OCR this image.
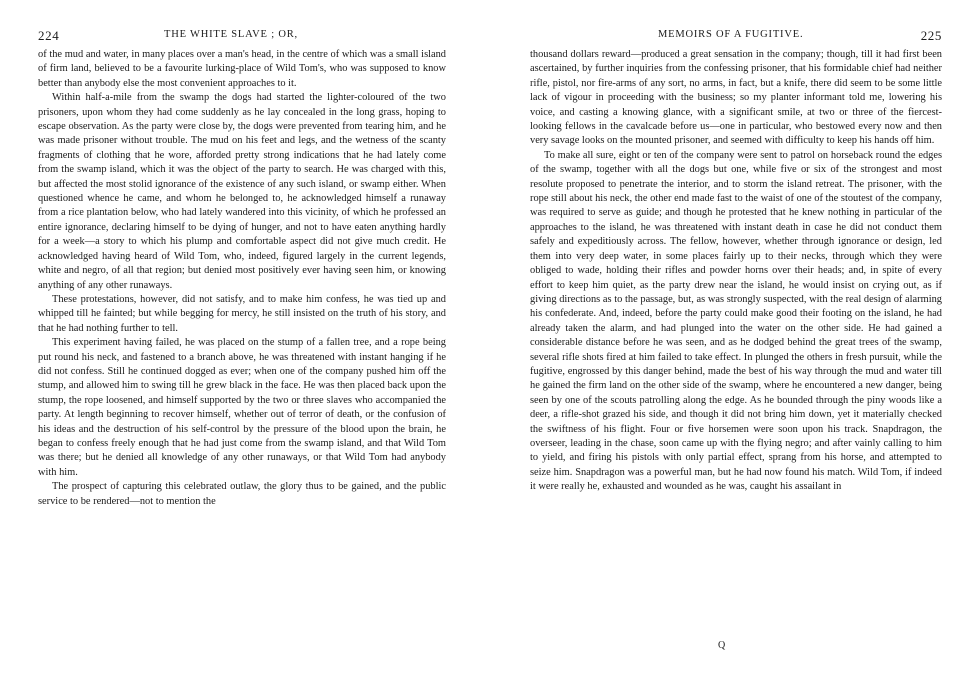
224	THE WHITE SLAVE ; OR,

of the mud and water, in many places over a man's head, in the centre of which was a small island of firm land, believed to be a favourite lurking-place of Wild Tom's, who was supposed to know better than anybody else the most convenient approaches to it.

Within half-a-mile from the swamp the dogs had started the lighter-coloured of the two prisoners, upon whom they had come suddenly as he lay concealed in the long grass, hoping to escape observation. As the party were close by, the dogs were prevented from tearing him, and he was made prisoner without trouble. The mud on his feet and legs, and the wetness of the scanty fragments of clothing that he wore, afforded pretty strong indications that he had lately come from the swamp island, which it was the object of the party to search. He was charged with this, but affected the most stolid ignorance of the existence of any such island, or swamp either. When questioned whence he came, and whom he belonged to, he acknowledged himself a runaway from a rice plantation below, who had lately wandered into this vicinity, of which he professed an entire ignorance, declaring himself to be dying of hunger, and not to have eaten anything hardly for a week—a story to which his plump and comfortable aspect did not give much credit. He acknowledged having heard of Wild Tom, who, indeed, figured largely in the current legends, white and negro, of all that region; but denied most positively ever having seen him, or knowing anything of any other runaways.

These protestations, however, did not satisfy, and to make him confess, he was tied up and whipped till he fainted; but while begging for mercy, he still insisted on the truth of his story, and that he had nothing further to tell.

This experiment having failed, he was placed on the stump of a fallen tree, and a rope being put round his neck, and fastened to a branch above, he was threatened with instant hanging if he did not confess. Still he continued dogged as ever; when one of the company pushed him off the stump, and allowed him to swing till he grew black in the face. He was then placed back upon the stump, the rope loosened, and himself supported by the two or three slaves who accompanied the party. At length beginning to recover himself, whether out of terror of death, or the confusion of his ideas and the destruction of his self-control by the pressure of the blood upon the brain, he began to confess freely enough that he had just come from the swamp island, and that Wild Tom was there; but he denied all knowledge of any other runaways, or that Wild Tom had anybody with him.

The prospect of capturing this celebrated outlaw, the glory thus to be gained, and the public service to be rendered—not to mention the

MEMOIRS OF A FUGITIVE.	225

thousand dollars reward—produced a great sensation in the company; though, till it had first been ascertained, by further inquiries from the confessing prisoner, that his formidable chief had neither rifle, pistol, nor fire-arms of any sort, no arms, in fact, but a knife, there did seem to be some little lack of vigour in proceeding with the business; so my planter informant told me, lowering his voice, and casting a knowing glance, with a significant smile, at two or three of the fiercest-looking fellows in the cavalcade before us—one in particular, who bestowed every now and then very savage looks on the mounted prisoner, and seemed with difficulty to keep his hands off him.

To make all sure, eight or ten of the company were sent to patrol on horseback round the edges of the swamp, together with all the dogs but one, while five or six of the strongest and most resolute proposed to penetrate the interior, and to storm the island retreat. The prisoner, with the rope still about his neck, the other end made fast to the waist of one of the stoutest of the company, was required to serve as guide; and though he protested that he knew nothing in particular of the approaches to the island, he was threatened with instant death in case he did not conduct them safely and expeditiously across. The fellow, however, whether through ignorance or design, led them into very deep water, in some places fairly up to their necks, through which they were obliged to wade, holding their rifles and powder horns over their heads; and, in spite of every effort to keep him quiet, as the party drew near the island, he would insist on crying out, as if giving directions as to the passage, but, as was strongly suspected, with the real design of alarming his confederate. And, indeed, before the party could make good their footing on the island, he had already taken the alarm, and had plunged into the water on the other side. He had gained a considerable distance before he was seen, and as he dodged behind the great trees of the swamp, several rifle shots fired at him failed to take effect. In plunged the others in fresh pursuit, while the fugitive, engrossed by this danger behind, made the best of his way through the mud and water till he gained the firm land on the other side of the swamp, where he encountered a new danger, being seen by one of the scouts patrolling along the edge. As he bounded through the piny woods like a deer, a rifle-shot grazed his side, and though it did not bring him down, yet it materially checked the swiftness of his flight. Four or five horsemen were soon upon his track. Snapdragon, the overseer, leading in the chase, soon came up with the flying negro; and after vainly calling to him to yield, and firing his pistols with only partial effect, sprang from his horse, and attempted to seize him. Snapdragon was a powerful man, but he had now found his match. Wild Tom, if indeed it were really he, exhausted and wounded as he was, caught his assailant in

Q
